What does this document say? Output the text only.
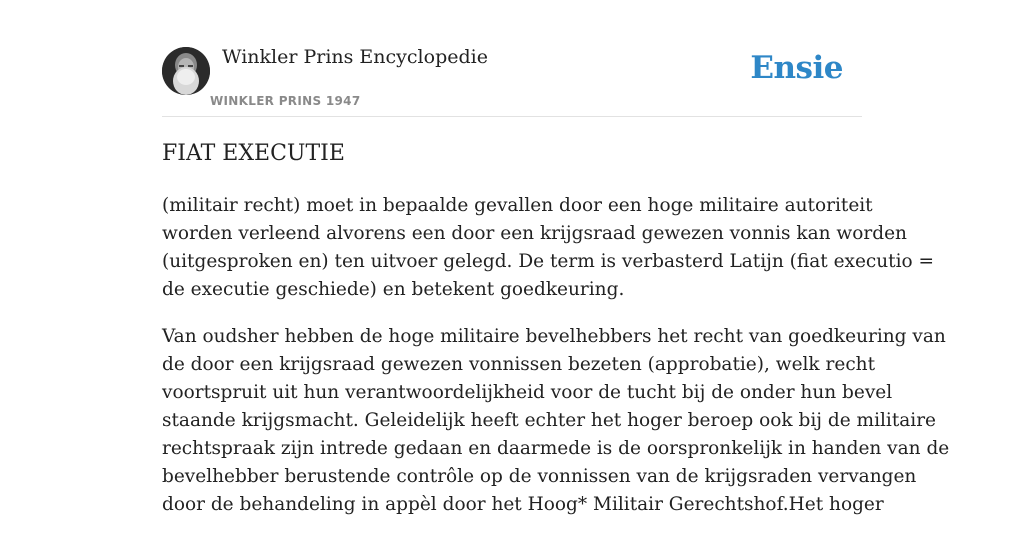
Winkler Prins Encyclopedie
WINKLER PRINS 1947
Ensie
FIAT EXECUTIE

(militair recht) moet in bepaalde gevallen door een hoge militaire autoriteit
worden verleend alvorens een door een krijgsraad gewezen vonnis kan worden
(uitgesproken en) ten uitvoer gelegd. De term is verbasterd Latijn (fiat executio =
de executie geschiede) en betekent goedkeuring.

Van oudsher hebben de hoge militaire bevelhebbers het recht van goedkeuring van
de door een krijgsraad gewezen vonnissen bezeten (approbatie), welk recht
voortspruit uit hun verantwoordelijkheid voor de tucht bij de onder hun bevel
staande krijgsmacht. Geleidelijk heeft echter het hoger beroep ook bij de militaire
rechtspraak zijn intrede gedaan en daarmede is de oorspronkelijk in handen van de
bevelhebber berustende contrôle op de vonnissen van de krijgsraden vervangen
door de behandeling in appèl door het Hoog* Militair Gerechtshof.Het hoger
